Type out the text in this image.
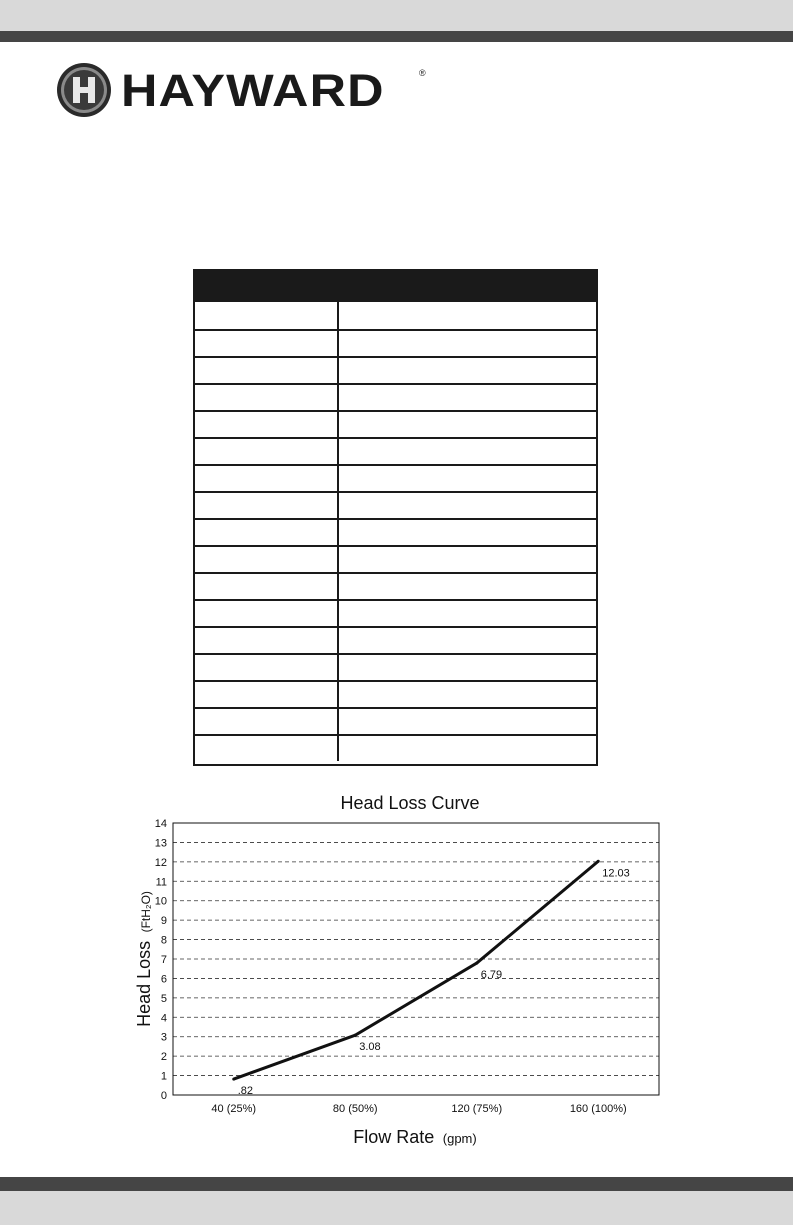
HAYWARD	®
Head Loss Curve
0
1
2
3
4
5
6
7
8
9
10
11
12
13
14
40 (25%)	80 (50%)	120 (75%)	160 (100%)
.82
3.08
6.79
12.03
Flow Rate (gpm)
Head Loss (FtH₂O)
